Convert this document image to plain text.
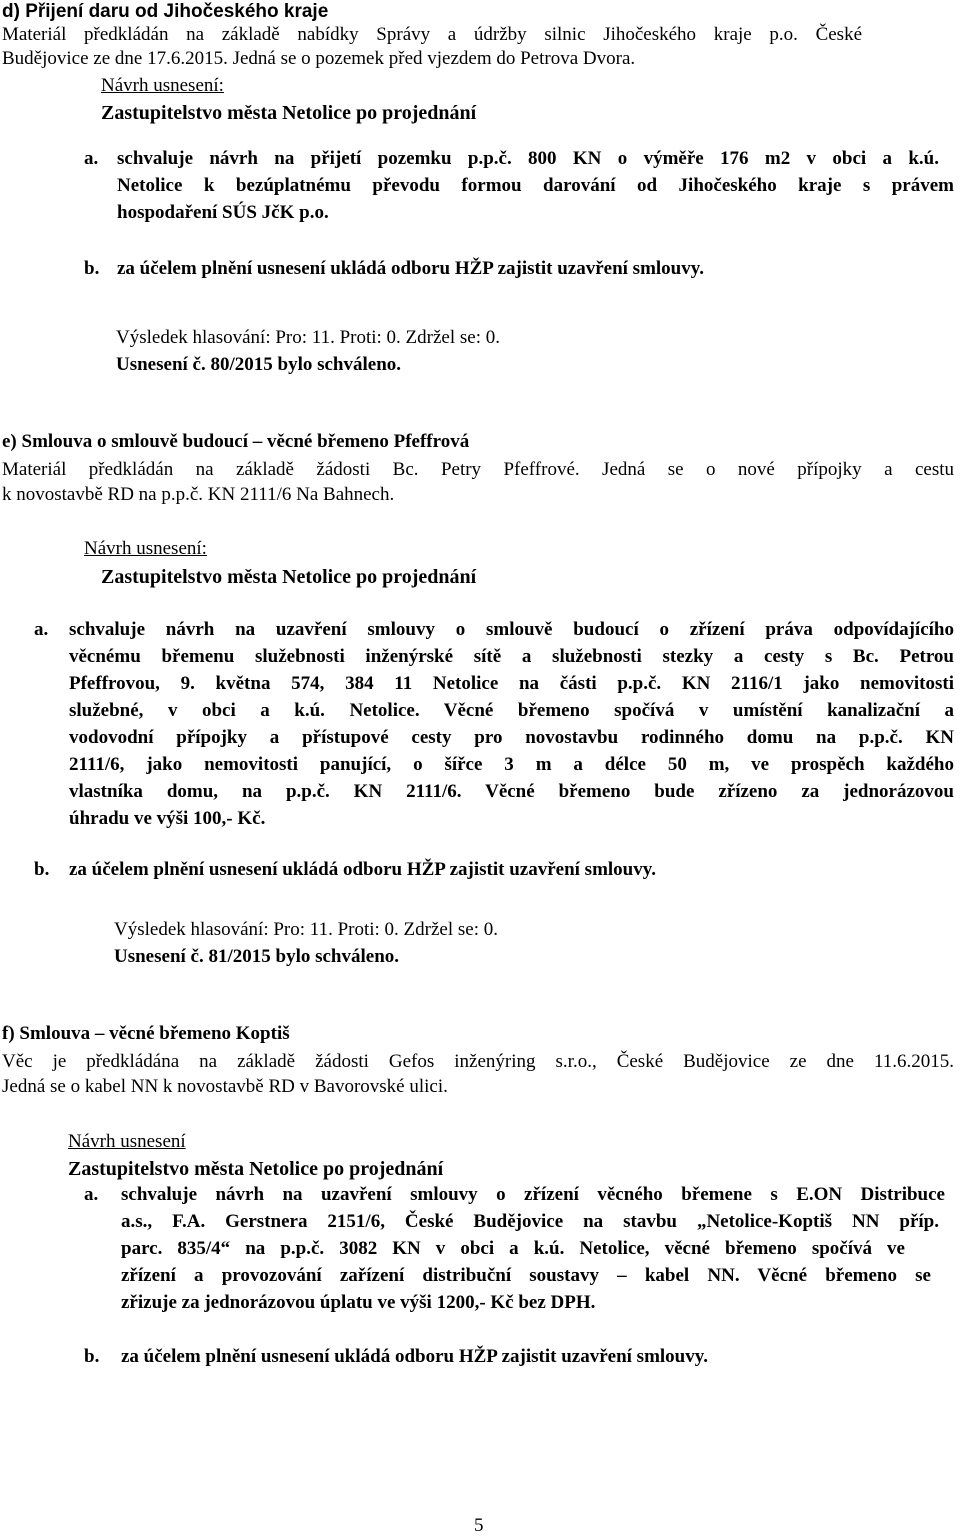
d) Přijení daru od Jihočeského kraje
Materiál předkládán na základě nabídky Správy a údržby silnic Jihočeského kraje p.o. České
Budějovice ze dne 17.6.2015. Jedná se o pozemek před vjezdem do Petrova Dvora.
Návrh usnesení:
Zastupitelstvo města Netolice po projednání
a. schvaluje návrh na přijetí pozemku p.p.č. 800 KN o výměře 176 m2 v obci a k.ú.
Netolice k bezúplatnému převodu formou darování od Jihočeského kraje s právem
hospodaření SÚS JčK p.o.
b. za účelem plnění usnesení ukládá odboru HŽP zajistit uzavření smlouvy.
Výsledek hlasování: Pro: 11. Proti: 0. Zdržel se: 0.
Usnesení č. 80/2015 bylo schváleno.
e) Smlouva o smlouvě budoucí – věcné břemeno Pfeffrová
Materiál předkládán na základě žádosti Bc. Petry Pfeffrové. Jedná se o nové přípojky a cestu
k novostavbě RD na p.p.č. KN 2111/6 Na Bahnech.
Návrh usnesení:
Zastupitelstvo města Netolice po projednání
a. schvaluje návrh na uzavření smlouvy o smlouvě budoucí o zřízení práva odpovídajícího
věcnému břemenu služebnosti inženýrské sítě a služebnosti stezky a cesty s Bc. Petrou
Pfeffrovou, 9. května 574, 384 11 Netolice na části p.p.č. KN 2116/1 jako nemovitosti
služebné, v obci a k.ú. Netolice. Věcné břemeno spočívá v umístění kanalizační a
vodovodní přípojky a přístupové cesty pro novostavbu rodinného domu na p.p.č. KN
2111/6, jako nemovitosti panující, o šířce 3 m a délce 50 m, ve prospěch každého
vlastníka domu, na p.p.č. KN 2111/6. Věcné břemeno bude zřízeno za jednorázovou
úhradu ve výši 100,- Kč.
b. za účelem plnění usnesení ukládá odboru HŽP zajistit uzavření smlouvy.
Výsledek hlasování: Pro: 11. Proti: 0. Zdržel se: 0.
Usnesení č. 81/2015 bylo schváleno.
f) Smlouva – věcné břemeno Koptiš
Věc je předkládána na základě žádosti Gefos inženýring s.r.o., České Budějovice ze dne 11.6.2015.
Jedná se o kabel NN k novostavbě RD v Bavorovské ulici.
Návrh usnesení
Zastupitelstvo města Netolice po projednání
a. schvaluje návrh na uzavření smlouvy o zřízení věcného břemene s E.ON Distribuce
a.s., F.A. Gerstnera 2151/6, České Budějovice na stavbu „Netolice-Koptiš NN příp.
parc. 835/4“ na p.p.č. 3082 KN v obci a k.ú. Netolice, věcné břemeno spočívá ve
zřízení a provozování zařízení distribuční soustavy – kabel NN. Věcné břemeno se
zřizuje za jednorázovou úplatu ve výši 1200,- Kč bez DPH.
b. za účelem plnění usnesení ukládá odboru HŽP zajistit uzavření smlouvy.
5
